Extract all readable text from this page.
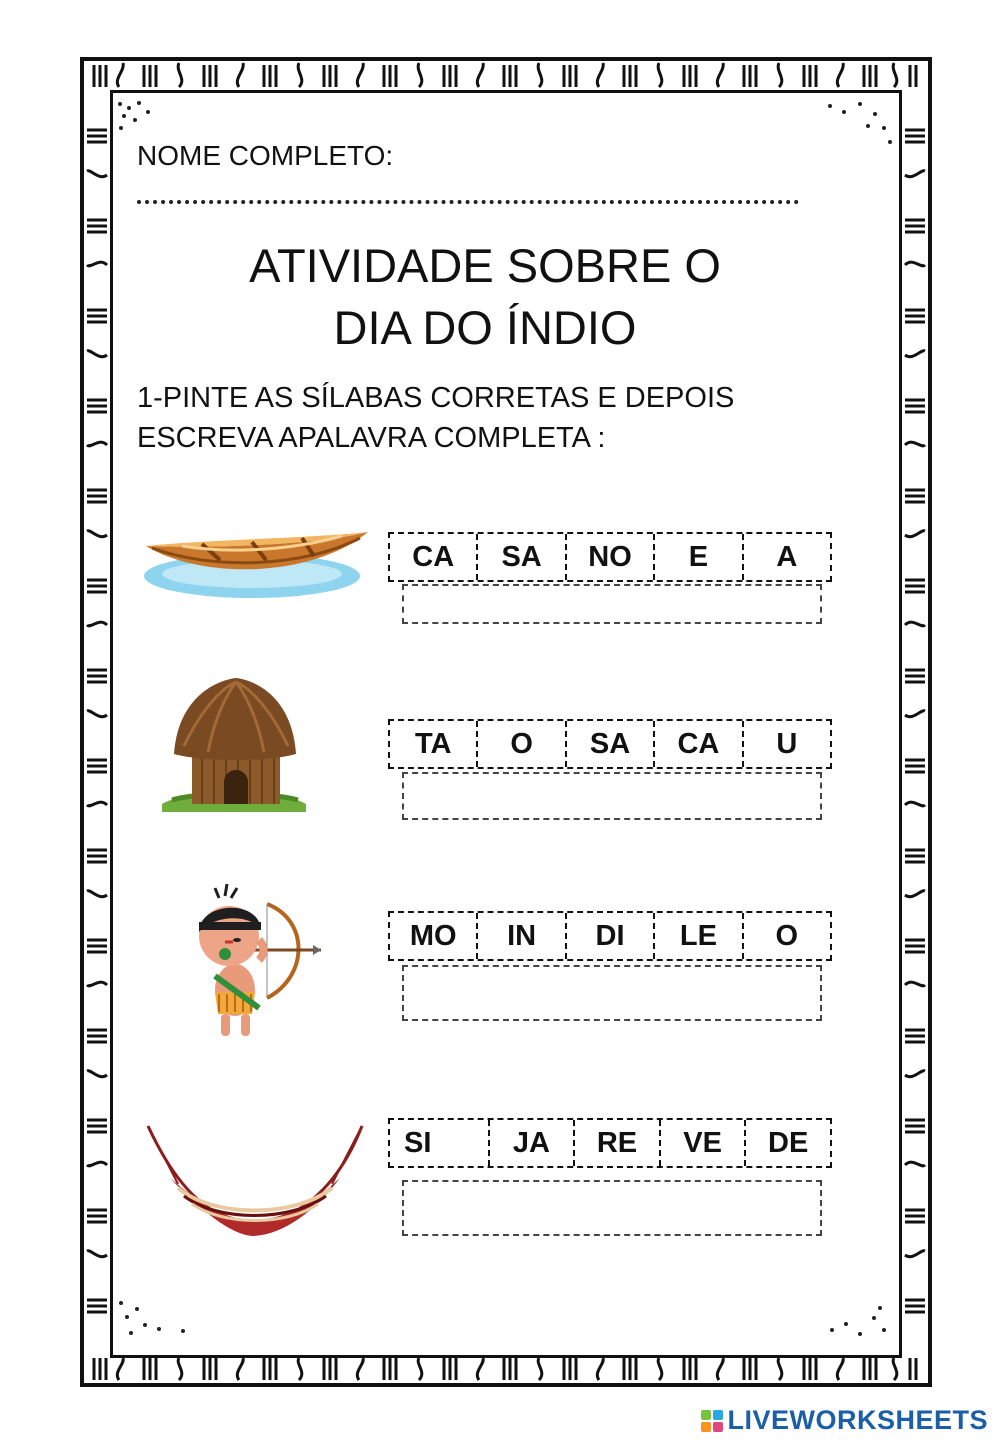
NOME COMPLETO:
ATIVIDADE SOBRE O
DIA DO ÍNDIO
1-PINTE AS SÍLABAS CORRETAS E DEPOIS
ESCREVA APALAVRA COMPLETA :
CA	SA	NO	E	A
TA	O	SA	CA	U
MO	IN	DI	LE	O
SI	JA	RE	VE	DE
LIVEWORKSHEETS
